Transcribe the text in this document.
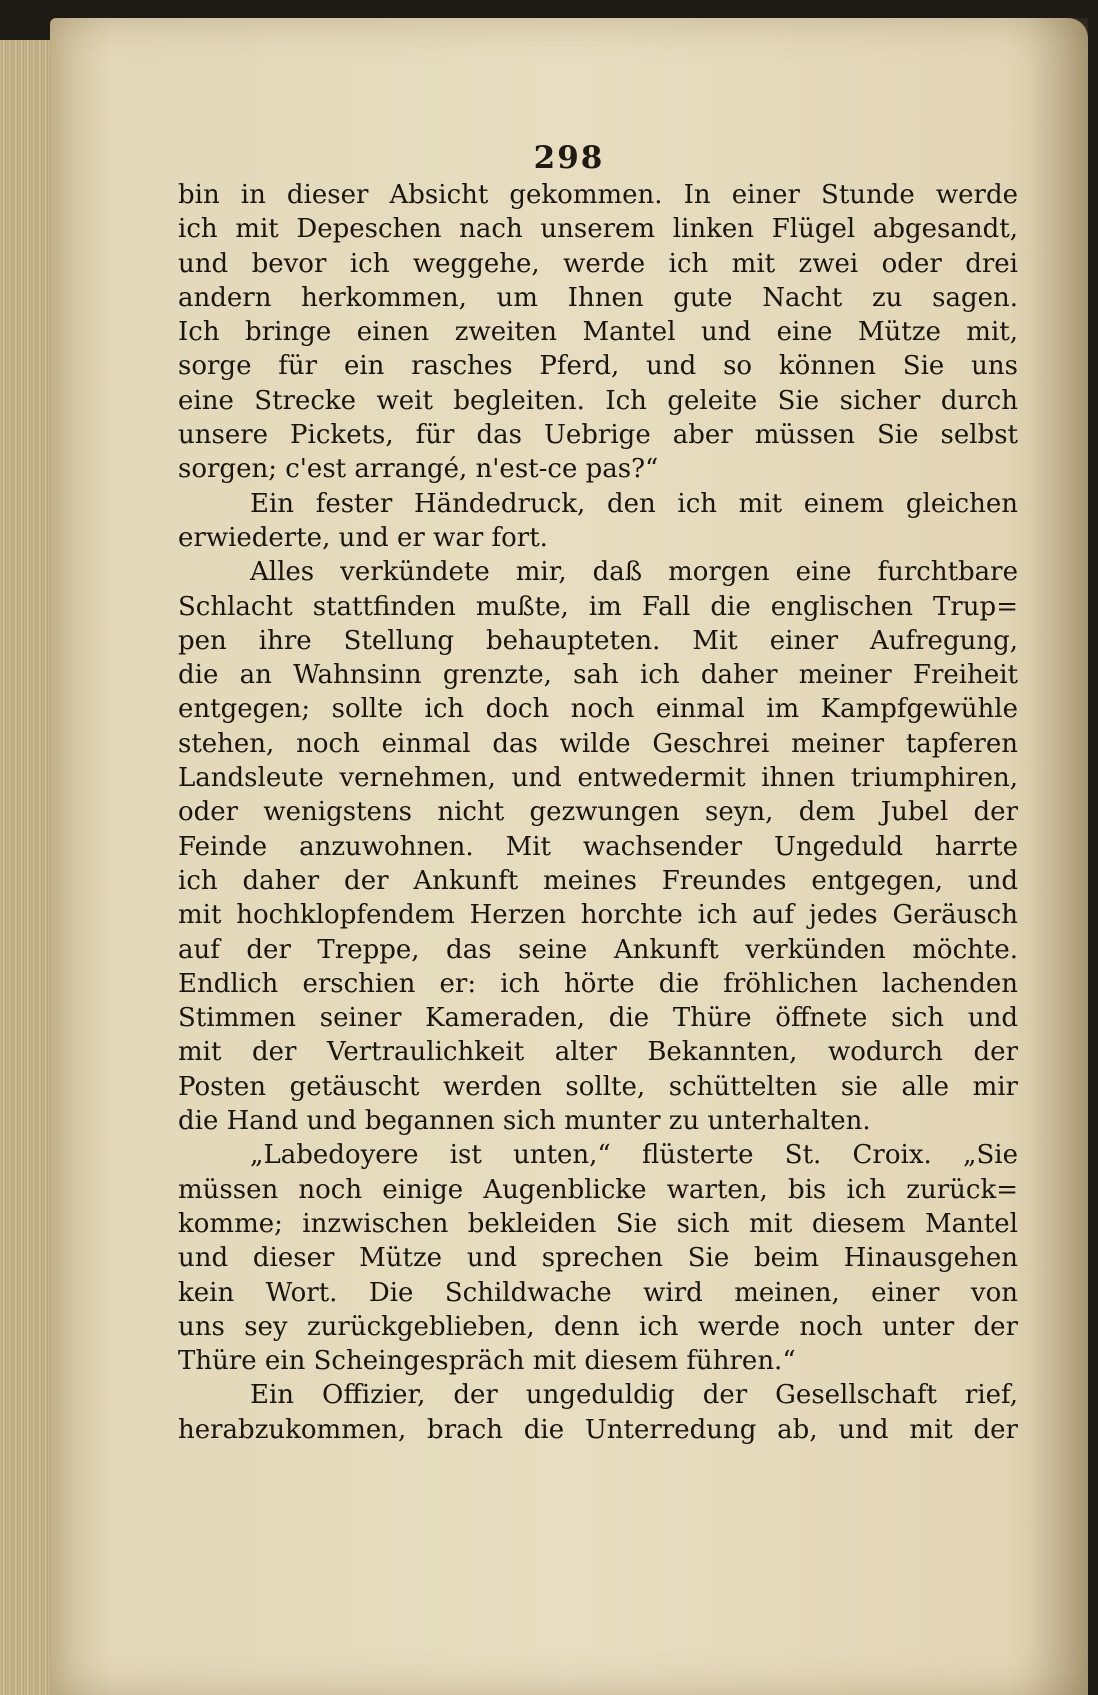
298
bin in dieser Absicht gekommen. In einer Stunde werde
ich mit Depeschen nach unserem linken Flügel abgesandt,
und bevor ich weggehe, werde ich mit zwei oder drei
andern herkommen, um Ihnen gute Nacht zu sagen.
Ich bringe einen zweiten Mantel und eine Mütze mit,
sorge für ein rasches Pferd, und so können Sie uns
eine Strecke weit begleiten. Ich geleite Sie sicher durch
unsere Pickets, für das Uebrige aber müssen Sie selbst
sorgen; c'est arrangé, n'est-ce pas?“
Ein fester Händedruck, den ich mit einem gleichen
erwiederte, und er war fort.
Alles verkündete mir, daß morgen eine furchtbare
Schlacht stattfinden mußte, im Fall die englischen Trup=
pen ihre Stellung behaupteten. Mit einer Aufregung,
die an Wahnsinn grenzte, sah ich daher meiner Freiheit
entgegen; sollte ich doch noch einmal im Kampfgewühle
stehen, noch einmal das wilde Geschrei meiner tapferen
Landsleute vernehmen, und entwedermit ihnen triumphiren,
oder wenigstens nicht gezwungen seyn, dem Jubel der
Feinde anzuwohnen. Mit wachsender Ungeduld harrte
ich daher der Ankunft meines Freundes entgegen, und
mit hochklopfendem Herzen horchte ich auf jedes Geräusch
auf der Treppe, das seine Ankunft verkünden möchte.
Endlich erschien er: ich hörte die fröhlichen lachenden
Stimmen seiner Kameraden, die Thüre öffnete sich und
mit der Vertraulichkeit alter Bekannten, wodurch der
Posten getäuscht werden sollte, schüttelten sie alle mir
die Hand und begannen sich munter zu unterhalten.
„Labedoyere ist unten,“ flüsterte St. Croix. „Sie
müssen noch einige Augenblicke warten, bis ich zurück=
komme; inzwischen bekleiden Sie sich mit diesem Mantel
und dieser Mütze und sprechen Sie beim Hinausgehen
kein Wort. Die Schildwache wird meinen, einer von
uns sey zurückgeblieben, denn ich werde noch unter der
Thüre ein Scheingespräch mit diesem führen.“
Ein Offizier, der ungeduldig der Gesellschaft rief,
herabzukommen, brach die Unterredung ab, und mit der
